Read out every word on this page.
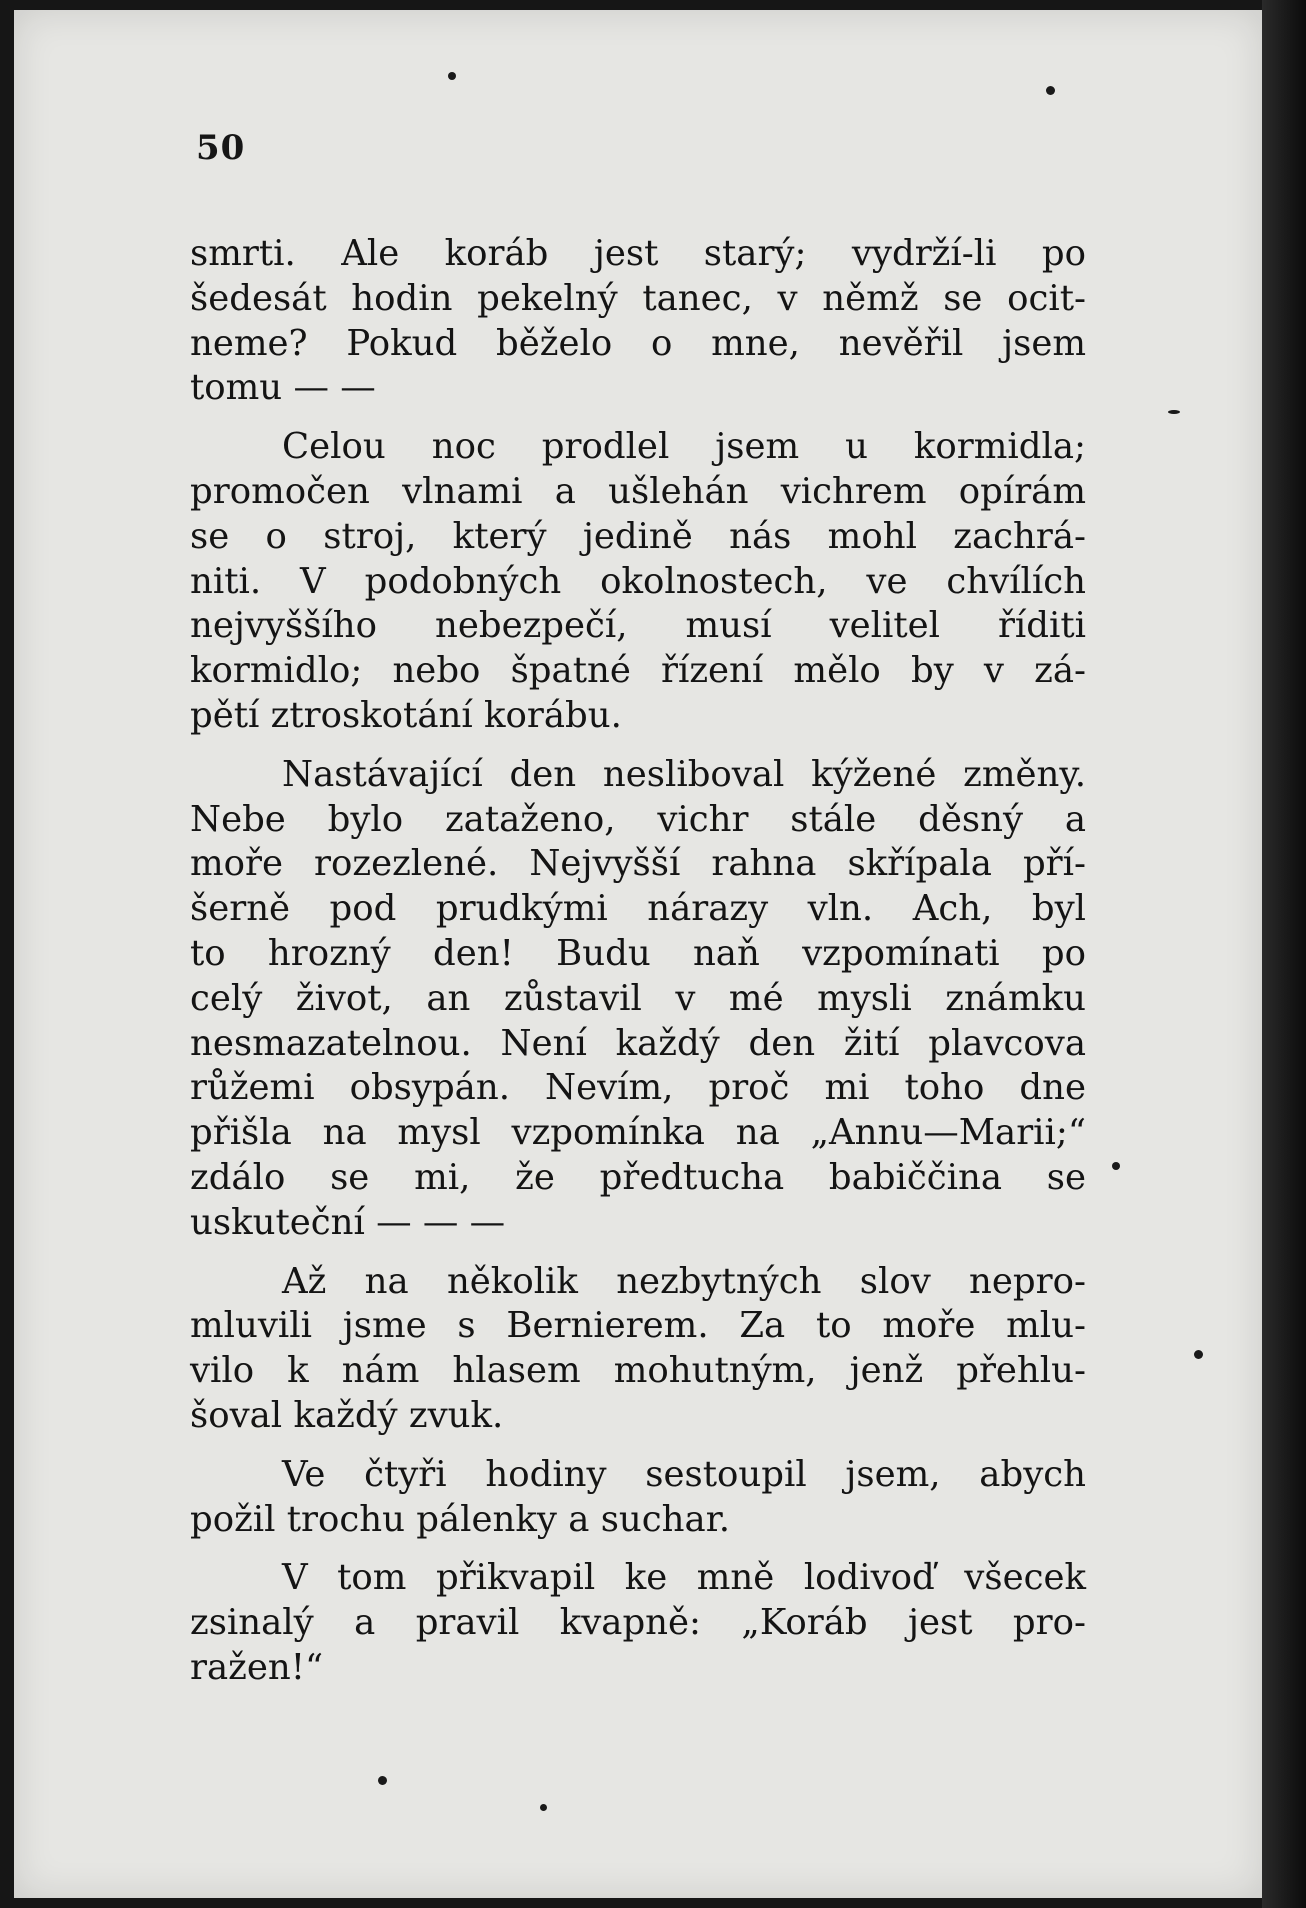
50
smrti. Ale koráb jest starý; vydrží-li po
šedesát hodin pekelný tanec, v němž se ocit-
neme? Pokud běželo o mne, nevěřil jsem
tomu — —
Celou noc prodlel jsem u kormidla;
promočen vlnami a ušlehán vichrem opírám
se o stroj, který jedině nás mohl zachrá-
niti. V podobných okolnostech, ve chvílích
nejvyššího nebezpečí, musí velitel říditi
kormidlo; nebo špatné řízení mělo by v zá-
pětí ztroskotání korábu.
Nastávající den nesliboval kýžené změny.
Nebe bylo zataženo, vichr stále děsný a
moře rozezlené. Nejvyšší rahna skřípala pří-
šerně pod prudkými nárazy vln. Ach, byl
to hrozný den! Budu naň vzpomínati po
celý život, an zůstavil v mé mysli známku
nesmazatelnou. Není každý den žití plavcova
růžemi obsypán. Nevím, proč mi toho dne
přišla na mysl vzpomínka na „Annu—Marii;“
zdálo se mi, že předtucha babiččina se
uskuteční — — —
Až na několik nezbytných slov nepro-
mluvili jsme s Bernierem. Za to moře mlu-
vilo k nám hlasem mohutným, jenž přehlu-
šoval každý zvuk.
Ve čtyři hodiny sestoupil jsem, abych
požil trochu pálenky a suchar.
V tom přikvapil ke mně lodivoď všecek
zsinalý a pravil kvapně: „Koráb jest pro-
ražen!“
